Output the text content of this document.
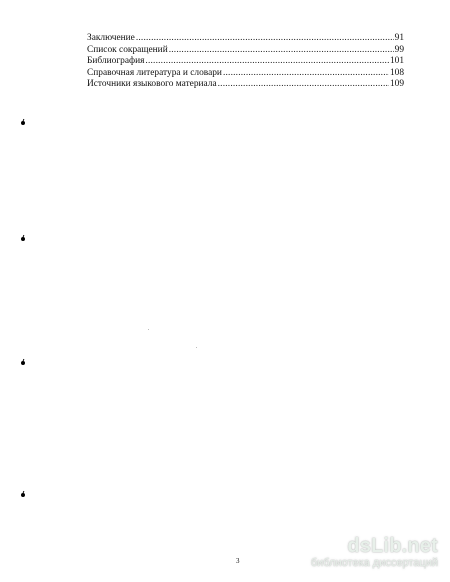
Заключение .....	91
Список сокращений .....	99
Библиография .....	101
Справочная литература и словари .....	108
Источники языкового материала .....	109
3
dsLib.net
библиотека диссертаций
